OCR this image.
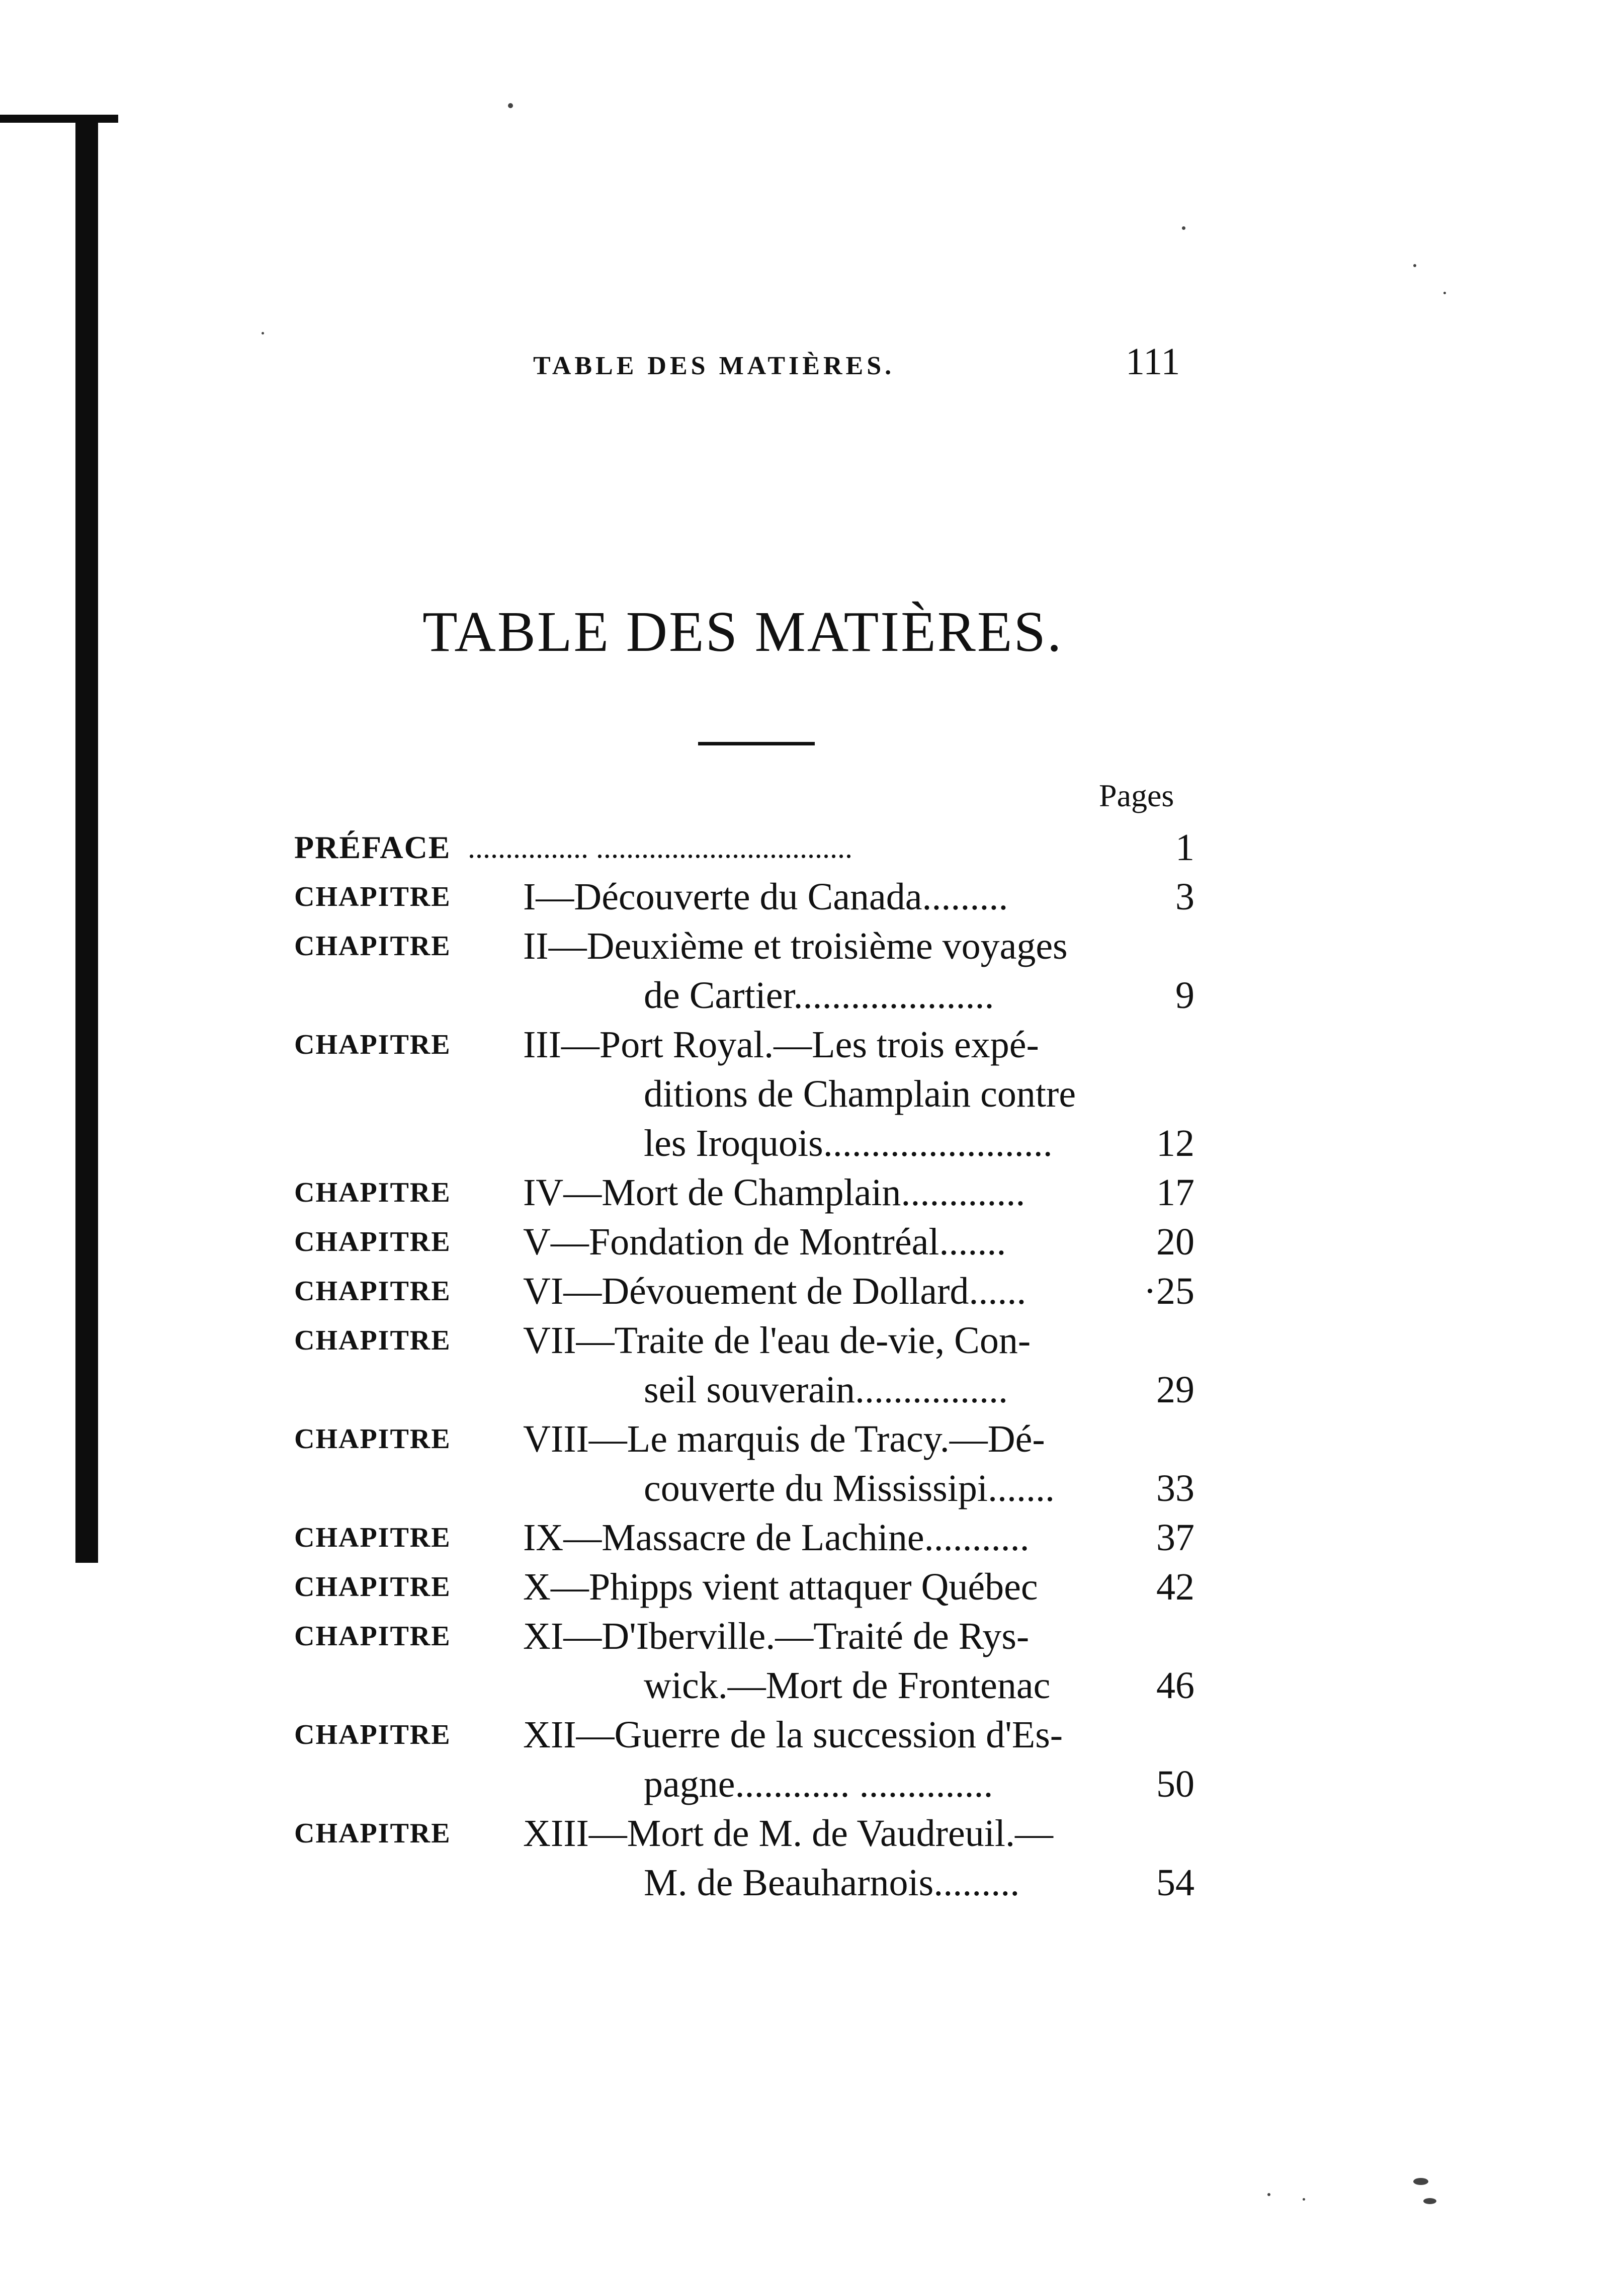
TABLE DES MATIÈRES.	111
TABLE DES MATIÈRES.
Pages
PRÉFACE ................ ..................................	1
CHAPITRE I—Découverte du Canada.........	3
CHAPITRE II—Deuxième et troisième voyages
de Cartier.....................	9
CHAPITRE III—Port Royal.—Les trois expé-
ditions de Champlain contre
les Iroquois........................	12
CHAPITRE IV—Mort de Champlain.............	17
CHAPITRE V—Fondation de Montréal.......	20
CHAPITRE VI—Dévouement de Dollard......	·25
CHAPITRE VII—Traite de l'eau de-vie, Con-
seil souverain................	29
CHAPITRE VIII—Le marquis de Tracy.—Dé-
couverte du Mississipi.......	33
CHAPITRE IX—Massacre de Lachine...........	37
CHAPITRE X—Phipps vient attaquer Québec	42
CHAPITRE XI—D'Iberville.—Traité de Rys-
wick.—Mort de Frontenac	46
CHAPITRE XII—Guerre de la succession d'Es-
pagne............ ..............	50
CHAPITRE XIII—Mort de M. de Vaudreuil.—
M. de Beauharnois.........	54
